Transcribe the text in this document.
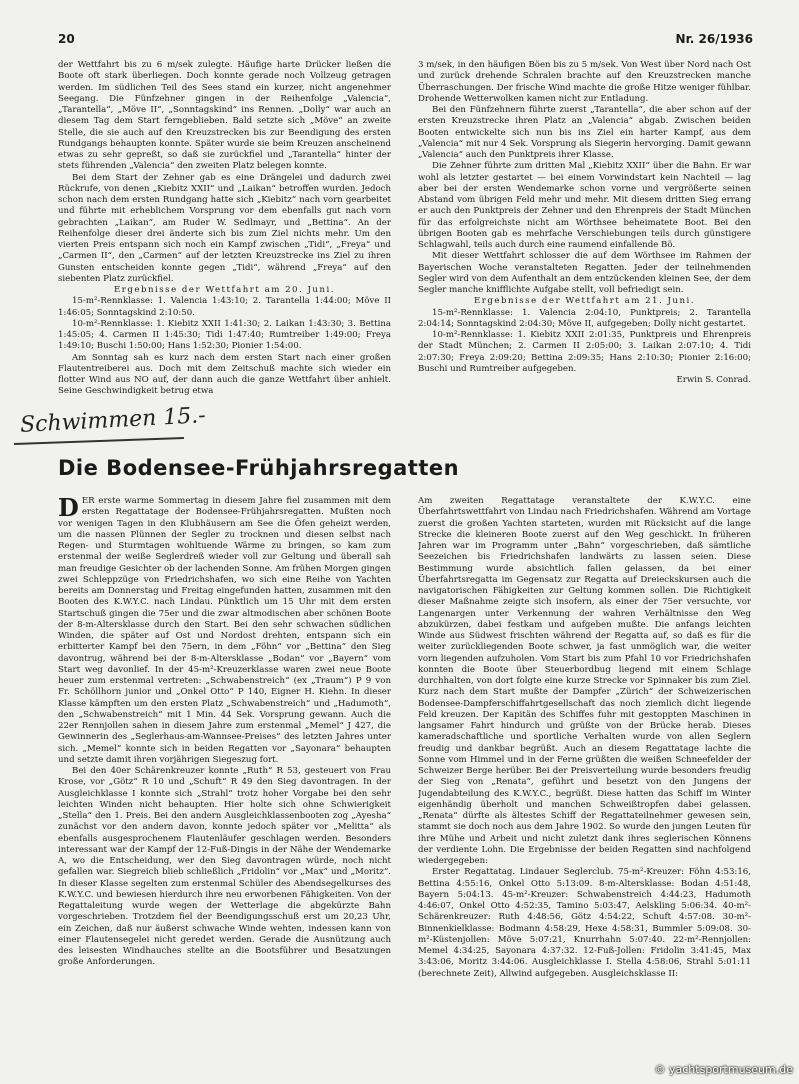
20	Nr. 26/1936

der Wettfahrt bis zu 6 m/sek zulegte. Häufige harte Drücker ließen die Boote oft stark überliegen. Doch konnte gerade noch Vollzeug getragen werden. Im südlichen Teil des Sees stand ein kurzer, nicht angenehmer Seegang. Die Fünfzehner gingen in der Reihenfolge „Valencia“, „Tarantella“, „Möve II“, „Sonntagskind“ ins Rennen. „Dolly“ war auch an diesem Tag dem Start ferngeblieben. Bald setzte sich „Möve“ an zweite Stelle, die sie auch auf den Kreuzstrecken bis zur Beendigung des ersten Rundgangs behaupten konnte. Später wurde sie beim Kreuzen anscheinend etwas zu sehr gepreßt, so daß sie zurückfiel und „Tarantella“ hinter der stets führenden „Valencia“ den zweiten Platz belegen konnte.

Bei dem Start der Zehner gab es eine Drängelei und dadurch zwei Rückrufe, von denen „Kiebitz XXII“ und „Laikan“ betroffen wurden. Jedoch schon nach dem ersten Rundgang hatte sich „Kiebitz“ nach vorn gearbeitet und führte mit erheblichem Vorsprung vor dem ebenfalls gut nach vorn gebrachten „Laikan“, am Ruder W. Sedlmayr, und „Bettina“. An der Reihenfolge dieser drei änderte sich bis zum Ziel nichts mehr. Um den vierten Preis entspann sich noch ein Kampf zwischen „Tidi“, „Freya“ und „Carmen II“, den „Carmen“ auf der letzten Kreuzstrecke ins Ziel zu ihren Gunsten entscheiden konnte gegen „Tidi“, während „Freya“ auf den siebenten Platz zurückfiel.

Ergebnisse der Wettfahrt am 20. Juni.

15-m²-Rennklasse: 1. Valencia 1:43:10; 2. Tarantella 1:44:00; Möve II 1:46:05; Sonntagskind 2:10:50.

10-m²-Rennklasse: 1. Kiebitz XXII 1:41:30; 2. Laikan 1:43:30; 3. Bettina 1:45:05; 4. Carmen II 1:45:30; Tidi 1:47:40; Rumtreiber 1:49:00; Freya 1:49:10; Buschi 1:50:00; Hans 1:52:30; Pionier 1:54:00.

Am Sonntag sah es kurz nach dem ersten Start nach einer großen Flautentreiberei aus. Doch mit dem Zeitschuß machte sich wieder ein flotter Wind aus NO auf, der dann auch die ganze Wettfahrt über anhielt. Seine Geschwindigkeit betrug etwa

3 m/sek, in den häufigen Böen bis zu 5 m/sek. Von West über Nord nach Ost und zurück drehende Schralen brachte auf den Kreuzstrecken manche Überraschungen. Der frische Wind machte die große Hitze weniger fühlbar. Drohende Wetterwolken kamen nicht zur Entladung.

Bei den Fünfzehnern führte zuerst „Tarantella“, die aber schon auf der ersten Kreuzstrecke ihren Platz an „Valencia“ abgab. Zwischen beiden Booten entwickelte sich nun bis ins Ziel ein harter Kampf, aus dem „Valencia“ mit nur 4 Sek. Vorsprung als Siegerin hervorging. Damit gewann „Valencia“ auch den Punktpreis ihrer Klasse.

Die Zehner führte zum dritten Mal „Kiebitz XXII“ über die Bahn. Er war wohl als letzter gestartet — bei einem Vorwindstart kein Nachteil — lag aber bei der ersten Wendemarke schon vorne und vergrößerte seinen Abstand vom übrigen Feld mehr und mehr. Mit diesem dritten Sieg errang er auch den Punktpreis der Zehner und den Ehrenpreis der Stadt München für das erfolgreichste nicht am Wörthsee beheimatete Boot. Bei den übrigen Booten gab es mehrfache Verschiebungen teils durch günstigere Schlagwahl, teils auch durch eine raumend einfallende Bö.

Mit dieser Wettfahrt schlosser die auf dem Wörthsee im Rahmen der Bayerischen Woche veranstalteten Regatten. Jeder der teilnehmenden Segler wird von dem Aufenthalt an dem entzückenden kleinen See, der dem Segler manche knifflichte Aufgabe stellt, voll befriedigt sein.

Ergebnisse der Wettfahrt am 21. Juni.

15-m²-Rennklasse: 1. Valencia 2:04:10, Punktpreis; 2. Tarantella 2:04:14; Sonntagskind 2:04:30; Möve II, aufgegeben; Dolly nicht gestartet.

10-m²-Rennklasse: 1. Kiebitz XXII 2:01:35, Punktpreis und Ehrenpreis der Stadt München; 2. Carmen II 2:05:00; 3. Laikan 2:07:10; 4. Tidi 2:07:30; Freya 2:09:20; Bettina 2:09:35; Hans 2:10:30; Pionier 2:16:00; Buschi und Rumtreiber aufgegeben.

Erwin S. Conrad.

Schwimmen 15.-
Die Bodensee-Frühjahrsregatten

DER erste warme Sommertag in diesem Jahre fiel zusammen mit dem ersten Regattatage der Bodensee-Frühjahrsregatten. Mußten noch vor wenigen Tagen in den Klubhäusern am See die Öfen geheizt werden, um die nassen Plünnen der Segler zu trocknen und diesen selbst nach Regen- und Sturmtagen wohltuende Wärme zu bringen, so kam zum erstenmal der weiße Seglerdreß wieder voll zur Geltung und überall sah man freudige Gesichter ob der lachenden Sonne. Am frühen Morgen gingen zwei Schleppzüge von Friedrichshafen, wo sich eine Reihe von Yachten bereits am Donnerstag und Freitag eingefunden hatten, zusammen mit den Booten des K.W.Y.C. nach Lindau. Pünktlich um 15 Uhr mit dem ersten Startschuß gingen die 75er und die zwar altmodischen aber schönen Boote der 8-m-Altersklasse durch den Start. Bei den sehr schwachen südlichen Winden, die später auf Ost und Nordost drehten, entspann sich ein erbitterter Kampf bei den 75ern, in dem „Föhn“ vor „Bettina“ den Sieg davontrug, während bei der 8-m-Altersklasse „Bodan“ vor „Bayern“ vom Start weg davonlief. In der 45-m²-Kreuzerklasse waren zwei neue Boote heuer zum erstenmal vertreten: „Schwabenstreich“ (ex „Traum“) P 9 von Fr. Schöllhorn junior und „Onkel Otto“ P 140, Eigner H. Kiehn. In dieser Klasse kämpften um den ersten Platz „Schwabenstreich“ und „Hadumoth“, den „Schwabenstreich“ mit 1 Min. 44 Sek. Vorsprung gewann. Auch die 22er Rennjollen sahen in diesem Jahre zum erstenmal „Memel“ J 427, die Gewinnerin des „Seglerhaus-am-Wannsee-Preises“ des letzten Jahres unter sich. „Memel“ konnte sich in beiden Regatten vor „Sayonara“ behaupten und setzte damit ihren vorjährigen Siegeszug fort.

Bei den 40er Schärenkreuzer konnte „Ruth“ R 53, gesteuert von Frau Krose, vor „Götz“ R 10 und „Schuft“ R 49 den Sieg davontragen. In der Ausgleichklasse I konnte sich „Strahl“ trotz hoher Vorgabe bei den sehr leichten Winden nicht behaupten. Hier holte sich ohne Schwierigkeit „Stella“ den 1. Preis. Bei den andern Ausgleichklassenbooten zog „Ayesha“ zunächst vor den andern davon, konnte jedoch später vor „Melitta“ als ebenfalls ausgesprochenem Flautenläufer geschlagen werden. Besonders interessant war der Kampf der 12-Fuß-Dingis in der Nähe der Wendemarke A, wo die Entscheidung, wer den Sieg davontragen würde, noch nicht gefallen war. Siegreich blieb schließlich „Fridolin“ vor „Max“ und „Moritz“. In dieser Klasse segelten zum erstenmal Schüler des Abendsegelkurses des K.W.Y.C. und bewiesen hierdurch ihre neu erworbenen Fähigkeiten. Von der Regattaleitung wurde wegen der Wetterlage die abgekürzte Bahn vorgeschrieben. Trotzdem fiel der Beendigungsschuß erst um 20,23 Uhr, ein Zeichen, daß nur äußerst schwache Winde wehten, indessen kann von einer Flautensegelei nicht geredet werden. Gerade die Ausnützung auch des leisesten Windhauches stellte an die Bootsführer und Besatzungen große Anforderungen.

Am zweiten Regattatage veranstaltete der K.W.Y.C. eine Überfahrtswettfahrt von Lindau nach Friedrichshafen. Während am Vortage zuerst die großen Yachten starteten, wurden mit Rücksicht auf die lange Strecke die kleineren Boote zuerst auf den Weg geschickt. In früheren Jahren war im Programm unter „Bahn“ vorgeschrieben, daß sämtliche Seezeichen bis Friedrichshafen landwärts zu lassen seien. Diese Bestimmung wurde absichtlich fallen gelassen, da bei einer Überfahrtsregatta im Gegensatz zur Regatta auf Dreieckskursen auch die navigatorischen Fähigkeiten zur Geltung kommen sollen. Die Richtigkeit dieser Maßnahme zeigte sich insofern, als einer der 75er versuchte, vor Langenargen unter Verkennung der wahren Verhältnisse den Weg abzukürzen, dabei festkam und aufgeben mußte. Die anfangs leichten Winde aus Südwest frischten während der Regatta auf, so daß es für die weiter zurückliegenden Boote schwer, ja fast unmöglich war, die weiter vorn liegenden aufzuholen. Vom Start bis zum Pfahl 10 vor Friedrichshafen konnten die Boote über Steuerbordbug liegend mit einem Schlage durchhalten, von dort folgte eine kurze Strecke vor Spinnaker bis zum Ziel. Kurz nach dem Start mußte der Dampfer „Zürich“ der Schweizerischen Bodensee-Dampferschiffahrtgesellschaft das noch ziemlich dicht liegende Feld kreuzen. Der Kapitän des Schiffes fuhr mit gestoppten Maschinen in langsamer Fahrt hindurch und grüßte von der Brücke herab. Dieses kameradschaftliche und sportliche Verhalten wurde von allen Seglern freudig und dankbar begrüßt. Auch an diesem Regattatage lachte die Sonne vom Himmel und in der Ferne grüßten die weißen Schneefelder der Schweizer Berge herüber. Bei der Preisverteilung wurde besonders freudig der Sieg von „Renata“, geführt und besetzt von den Jungens der Jugendabteilung des K.W.Y.C., begrüßt. Diese hatten das Schiff im Winter eigenhändig überholt und manchen Schweißtropfen dabei gelassen. „Renata“ dürfte als ältestes Schiff der Regattateilnehmer gewesen sein, stammt sie doch noch aus dem Jahre 1902. So wurde den jungen Leuten für ihre Mühe und Arbeit und nicht zuletzt dank ihres seglerischen Könnens der verdiente Lohn. Die Ergebnisse der beiden Regatten sind nachfolgend wiedergegeben:

Erster Regattatag. Lindauer Seglerclub. 75-m²-Kreuzer: Föhn 4:53:16, Bettina 4:55:16, Onkel Otto 5:13:09. 8-m-Altersklasse: Bodan 4:51:48, Bayern 5:04:13. 45-m²-Kreuzer: Schwabenstreich 4:44:23, Hadumoth 4:46:07, Onkel Otto 4:52:35, Tamino 5:03:47, Aelskling 5:06:34. 40-m²-Schärenkreuzer: Ruth 4:48:56, Götz 4:54:22, Schuft 4:57:08. 30-m²-Binnenkielklasse: Bodmann 4:58:29, Hexe 4:58:31, Bummler 5:09:08. 30-m²-Küstenjollen: Möve 5:07:21, Knurrhahn 5:07:40. 22-m²-Rennjollen: Memel 4:34:25, Sayonara 4:37:32. 12-Fuß-Jollen: Fridolin 3:41:45, Max 3:43:06, Moritz 3:44:06. Ausgleichklasse I. Stella 4:58:06, Strahl 5:01:11 (berechnete Zeit), Allwind aufgegeben. Ausgleichsklasse II:

© yachtsportmuseum.de
